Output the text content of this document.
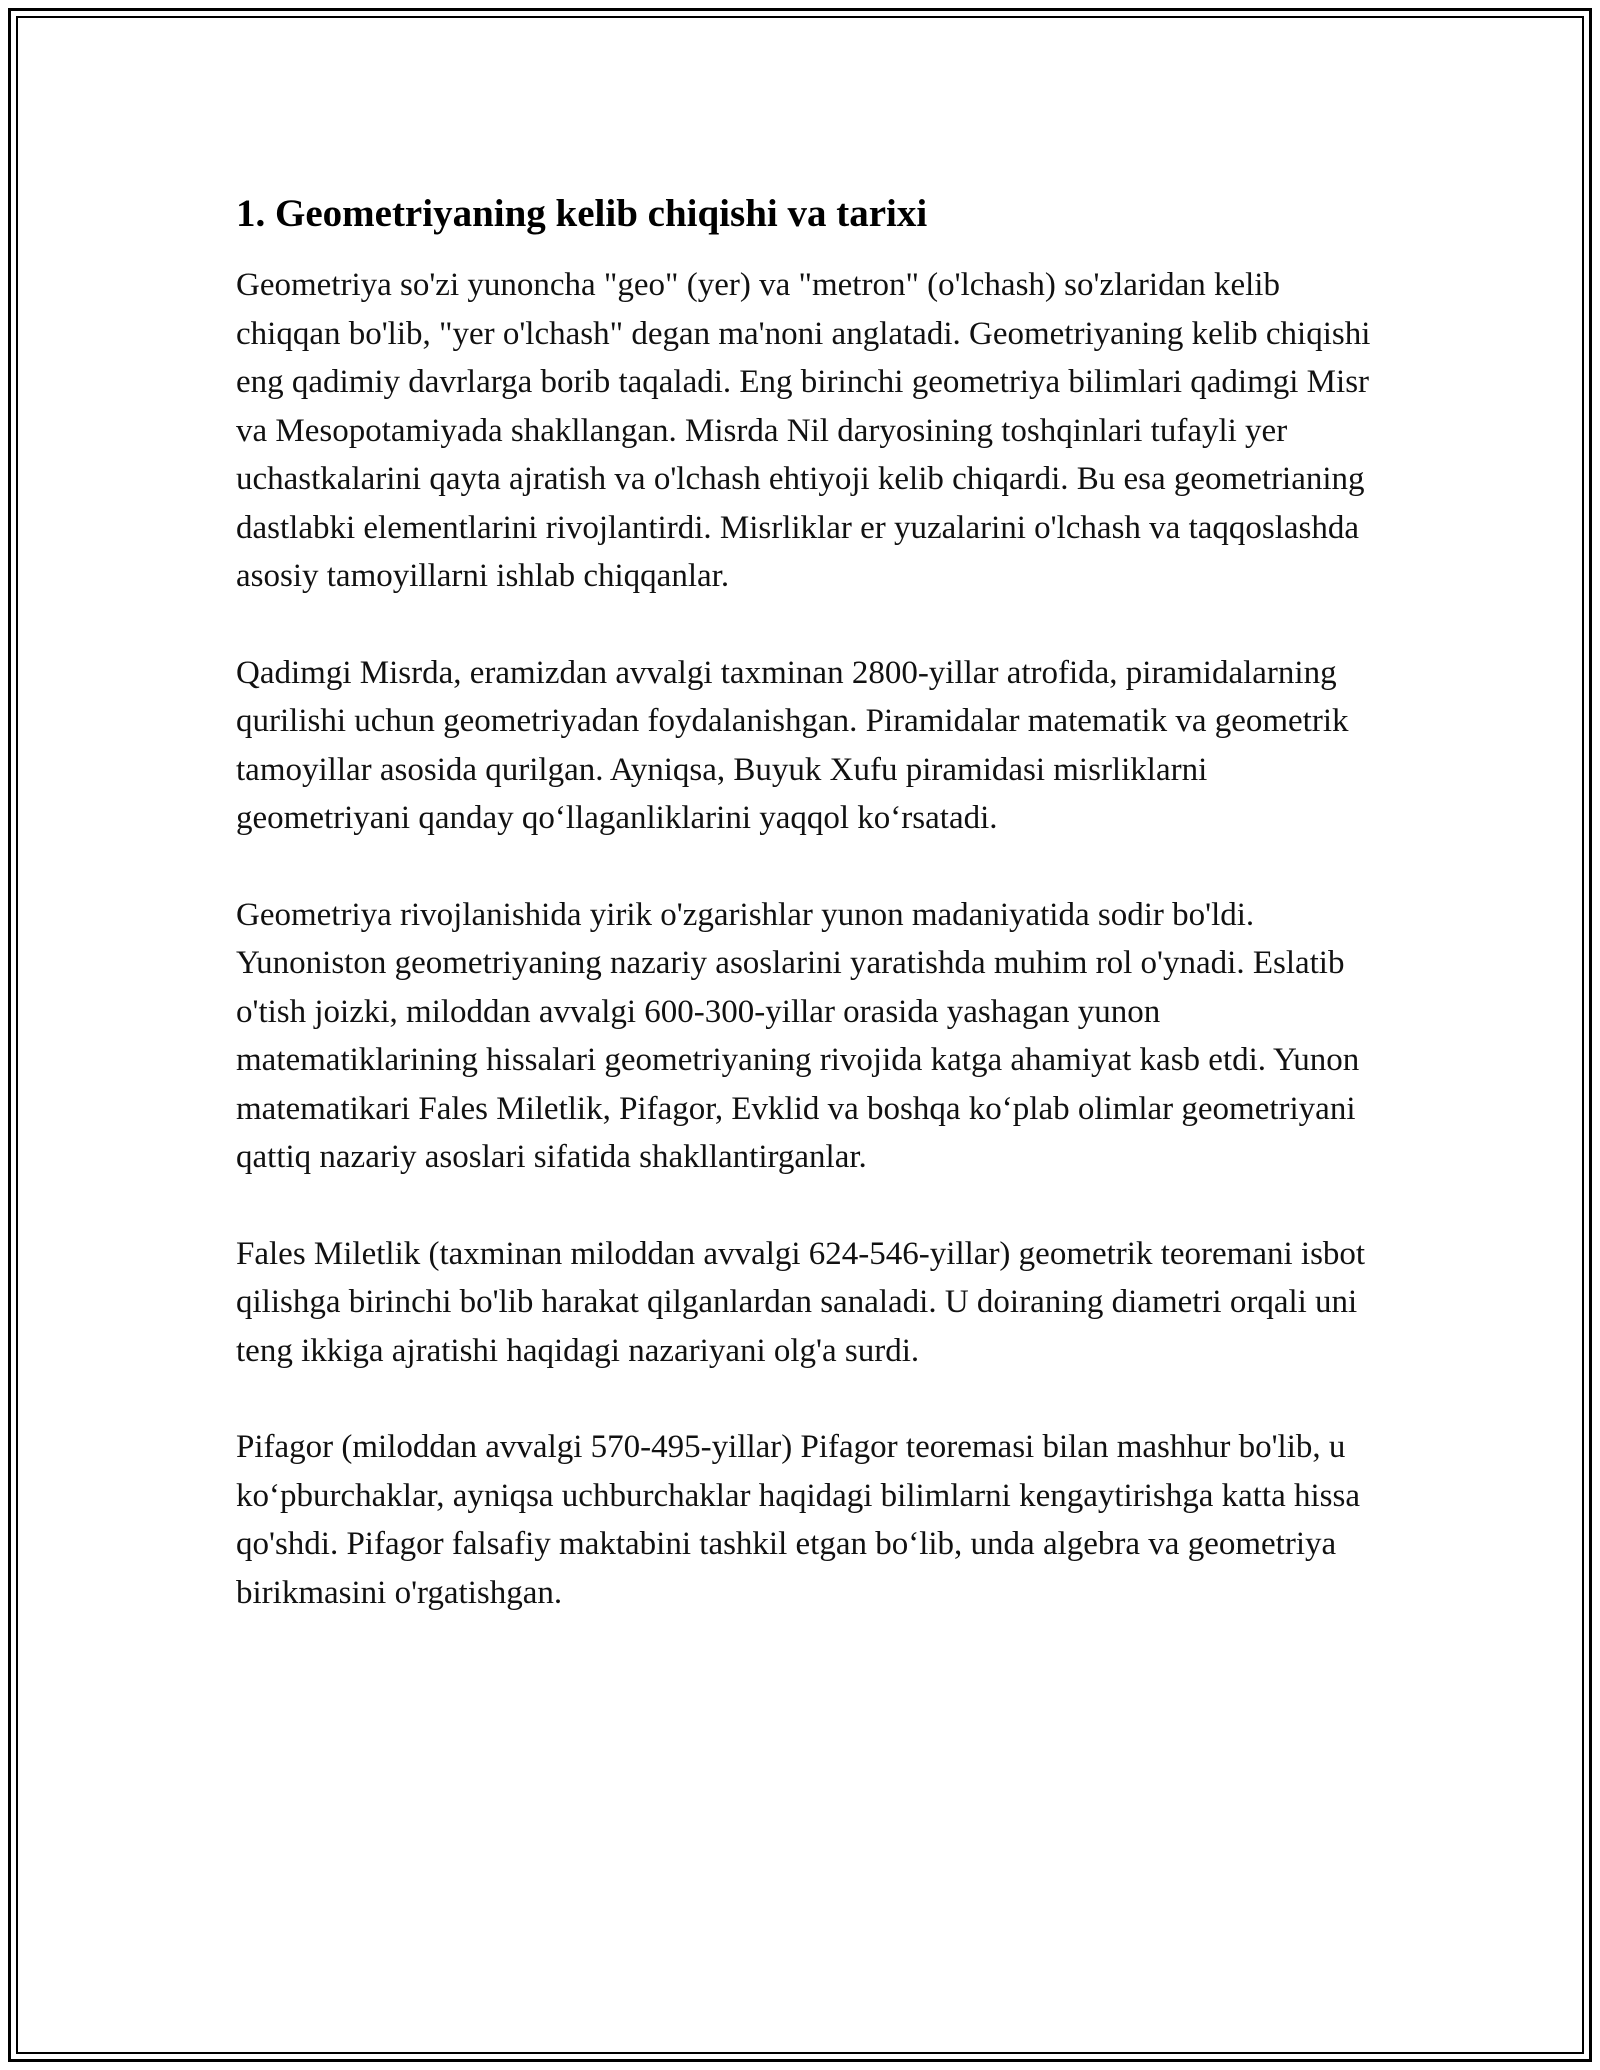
1. Geometriyaning kelib chiqishi va tarixi

Geometriya so'zi yunoncha "geo" (yer) va "metron" (o'lchash) so'zlaridan kelib chiqqan bo'lib, "yer o'lchash" degan ma'noni anglatadi. Geometriyaning kelib chiqishi eng qadimiy davrlarga borib taqaladi. Eng birinchi geometriya bilimlari qadimgi Misr va Mesopotamiyada shakllangan. Misrda Nil daryosining toshqinlari tufayli yer uchastkalarini qayta ajratish va o'lchash ehtiyoji kelib chiqardi. Bu esa geometrianing dastlabki elementlarini rivojlantirdi. Misrliklar er yuzalarini o'lchash va taqqoslashda asosiy tamoyillarni ishlab chiqqanlar.

Qadimgi Misrda, eramizdan avvalgi taxminan 2800-yillar atrofida, piramidalarning qurilishi uchun geometriyadan foydalanishgan. Piramidalar matematik va geometrik tamoyillar asosida qurilgan. Ayniqsa, Buyuk Xufu piramidasi misrliklarni geometriyani qanday qo‘llaganliklarini yaqqol ko‘rsatadi.

Geometriya rivojlanishida yirik o'zgarishlar yunon madaniyatida sodir bo'ldi. Yunoniston geometriyaning nazariy asoslarini yaratishda muhim rol o'ynadi. Eslatib o'tish joizki, miloddan avvalgi 600-300-yillar orasida yashagan yunon matematiklarining hissalari geometriyaning rivojida katga ahamiyat kasb etdi. Yunon matematikari Fales Miletlik, Pifagor, Evklid va boshqa ko‘plab olimlar geometriyani qattiq nazariy asoslari sifatida shakllantirganlar.

Fales Miletlik (taxminan miloddan avvalgi 624-546-yillar) geometrik teoremani isbot qilishga birinchi bo'lib harakat qilganlardan sanaladi. U doiraning diametri orqali uni teng ikkiga ajratishi haqidagi nazariyani olg'a surdi.

Pifagor (miloddan avvalgi 570-495-yillar) Pifagor teoremasi bilan mashhur bo'lib, u ko‘pburchaklar, ayniqsa uchburchaklar haqidagi bilimlarni kengaytirishga katta hissa qo'shdi. Pifagor falsafiy maktabini tashkil etgan bo‘lib, unda algebra va geometriya birikmasini o'rgatishgan.
